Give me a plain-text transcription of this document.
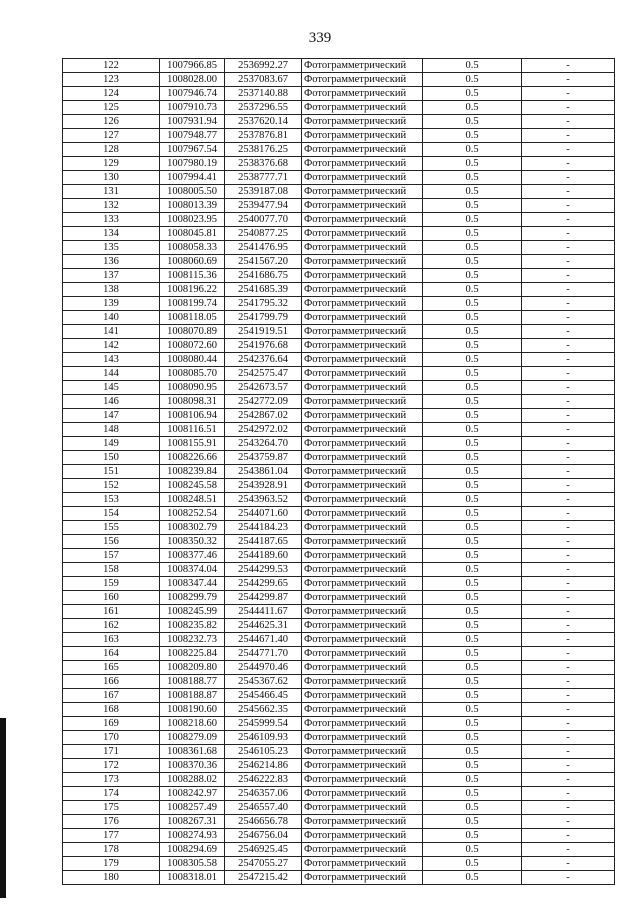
339
122	1007966.85	2536992.27	Фотограмметрический	0.5	-
123	1008028.00	2537083.67	Фотограмметрический	0.5	-
124	1007946.74	2537140.88	Фотограмметрический	0.5	-
125	1007910.73	2537296.55	Фотограмметрический	0.5	-
126	1007931.94	2537620.14	Фотограмметрический	0.5	-
127	1007948.77	2537876.81	Фотограмметрический	0.5	-
128	1007967.54	2538176.25	Фотограмметрический	0.5	-
129	1007980.19	2538376.68	Фотограмметрический	0.5	-
130	1007994.41	2538777.71	Фотограмметрический	0.5	-
131	1008005.50	2539187.08	Фотограмметрический	0.5	-
132	1008013.39	2539477.94	Фотограмметрический	0.5	-
133	1008023.95	2540077.70	Фотограмметрический	0.5	-
134	1008045.81	2540877.25	Фотограмметрический	0.5	-
135	1008058.33	2541476.95	Фотограмметрический	0.5	-
136	1008060.69	2541567.20	Фотограмметрический	0.5	-
137	1008115.36	2541686.75	Фотограмметрический	0.5	-
138	1008196.22	2541685.39	Фотограмметрический	0.5	-
139	1008199.74	2541795.32	Фотограмметрический	0.5	-
140	1008118.05	2541799.79	Фотограмметрический	0.5	-
141	1008070.89	2541919.51	Фотограмметрический	0.5	-
142	1008072.60	2541976.68	Фотограмметрический	0.5	-
143	1008080.44	2542376.64	Фотограмметрический	0.5	-
144	1008085.70	2542575.47	Фотограмметрический	0.5	-
145	1008090.95	2542673.57	Фотограмметрический	0.5	-
146	1008098.31	2542772.09	Фотограмметрический	0.5	-
147	1008106.94	2542867.02	Фотограмметрический	0.5	-
148	1008116.51	2542972.02	Фотограмметрический	0.5	-
149	1008155.91	2543264.70	Фотограмметрический	0.5	-
150	1008226.66	2543759.87	Фотограмметрический	0.5	-
151	1008239.84	2543861.04	Фотограмметрический	0.5	-
152	1008245.58	2543928.91	Фотограмметрический	0.5	-
153	1008248.51	2543963.52	Фотограмметрический	0.5	-
154	1008252.54	2544071.60	Фотограмметрический	0.5	-
155	1008302.79	2544184.23	Фотограмметрический	0.5	-
156	1008350.32	2544187.65	Фотограмметрический	0.5	-
157	1008377.46	2544189.60	Фотограмметрический	0.5	-
158	1008374.04	2544299.53	Фотограмметрический	0.5	-
159	1008347.44	2544299.65	Фотограмметрический	0.5	-
160	1008299.79	2544299.87	Фотограмметрический	0.5	-
161	1008245.99	2544411.67	Фотограмметрический	0.5	-
162	1008235.82	2544625.31	Фотограмметрический	0.5	-
163	1008232.73	2544671.40	Фотограмметрический	0.5	-
164	1008225.84	2544771.70	Фотограмметрический	0.5	-
165	1008209.80	2544970.46	Фотограмметрический	0.5	-
166	1008188.77	2545367.62	Фотограмметрический	0.5	-
167	1008188.87	2545466.45	Фотограмметрический	0.5	-
168	1008190.60	2545662.35	Фотограмметрический	0.5	-
169	1008218.60	2545999.54	Фотограмметрический	0.5	-
170	1008279.09	2546109.93	Фотограмметрический	0.5	-
171	1008361.68	2546105.23	Фотограмметрический	0.5	-
172	1008370.36	2546214.86	Фотограмметрический	0.5	-
173	1008288.02	2546222.83	Фотограмметрический	0.5	-
174	1008242.97	2546357.06	Фотограмметрический	0.5	-
175	1008257.49	2546557.40	Фотограмметрический	0.5	-
176	1008267.31	2546656.78	Фотограмметрический	0.5	-
177	1008274.93	2546756.04	Фотограмметрический	0.5	-
178	1008294.69	2546925.45	Фотограмметрический	0.5	-
179	1008305.58	2547055.27	Фотограмметрический	0.5	-
180	1008318.01	2547215.42	Фотограмметрический	0.5	-
